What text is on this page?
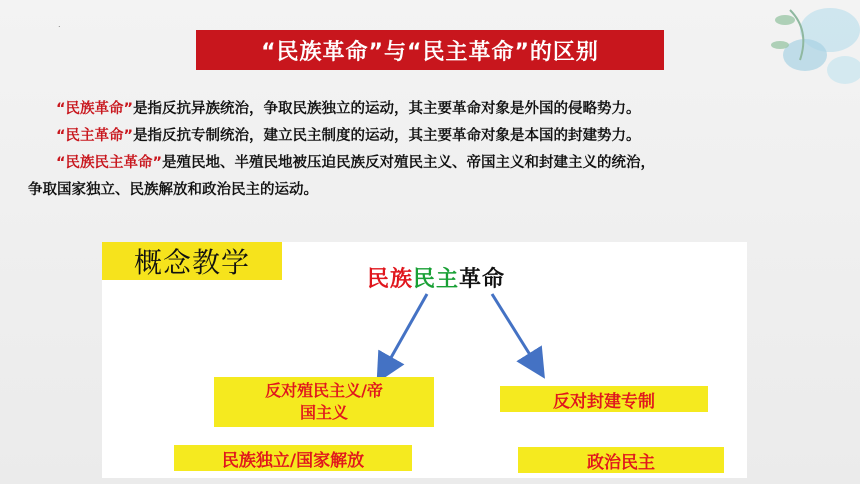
.
“民族革命”与“民主革命”的区别
“民族革命”是指反抗异族统治，争取民族独立的运动，其主要革命对象是外国的侵略势力。
“民主革命”是指反抗专制统治，建立民主制度的运动，其主要革命对象是本国的封建势力。
“民族民主革命”是殖民地、半殖民地被压迫民族反对殖民主义、帝国主义和封建主义的统治，
争取国家独立、民族解放和政治民主的运动。
概念教学	民族民主革命
反对殖民主义/帝
国主义
反对封建专制
民族独立/国家解放	政治民主
